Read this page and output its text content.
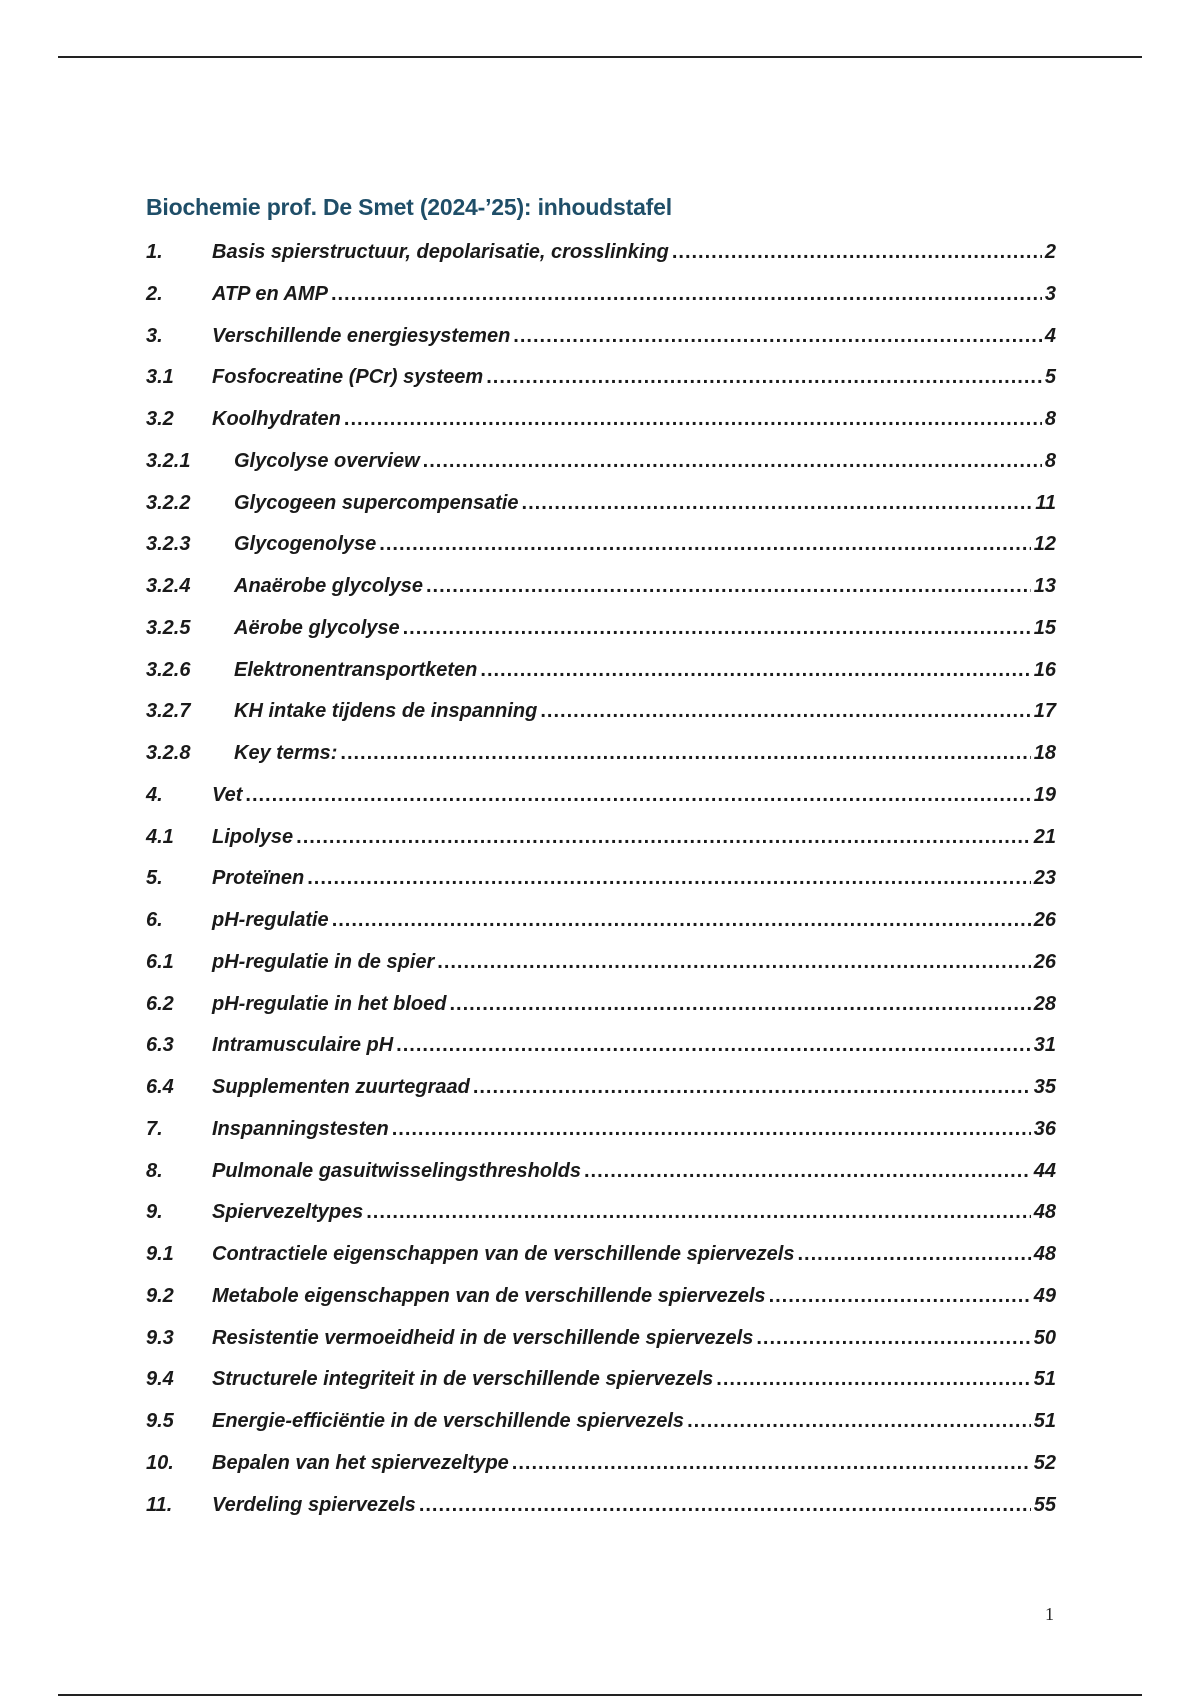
Biochemie prof. De Smet (2024-’25): inhoudstafel
1.	Basis spierstructuur, depolarisatie, crosslinking .....	2
2.	ATP en AMP .....	3
3.	Verschillende energiesystemen .....	4
3.1	Fosfocreatine (PCr) systeem .....	5
3.2	Koolhydraten .....	8
3.2.1	Glycolyse overview .....	8
3.2.2	Glycogeen supercompensatie .....	11
3.2.3	Glycogenolyse .....	12
3.2.4	Anaërobe glycolyse .....	13
3.2.5	Aërobe glycolyse .....	15
3.2.6	Elektronentransportketen .....	16
3.2.7	KH intake tijdens de inspanning .....	17
3.2.8	Key terms: .....	18
4.	Vet .....	19
4.1	Lipolyse .....	21
5.	Proteïnen .....	23
6.	pH-regulatie .....	26
6.1	pH-regulatie in de spier .....	26
6.2	pH-regulatie in het bloed .....	28
6.3	Intramusculaire pH .....	31
6.4	Supplementen zuurtegraad .....	35
7.	Inspanningstesten .....	36
8.	Pulmonale gasuitwisselingsthresholds .....	44
9.	Spiervezeltypes .....	48
9.1	Contractiele eigenschappen van de verschillende spiervezels .....	48
9.2	Metabole eigenschappen van de verschillende spiervezels .....	49
9.3	Resistentie vermoeidheid in de verschillende spiervezels .....	50
9.4	Structurele integriteit in de verschillende spiervezels .....	51
9.5	Energie-efficiëntie in de verschillende spiervezels .....	51
10.	Bepalen van het spiervezeltype .....	52
11.	Verdeling spiervezels .....	55
1
